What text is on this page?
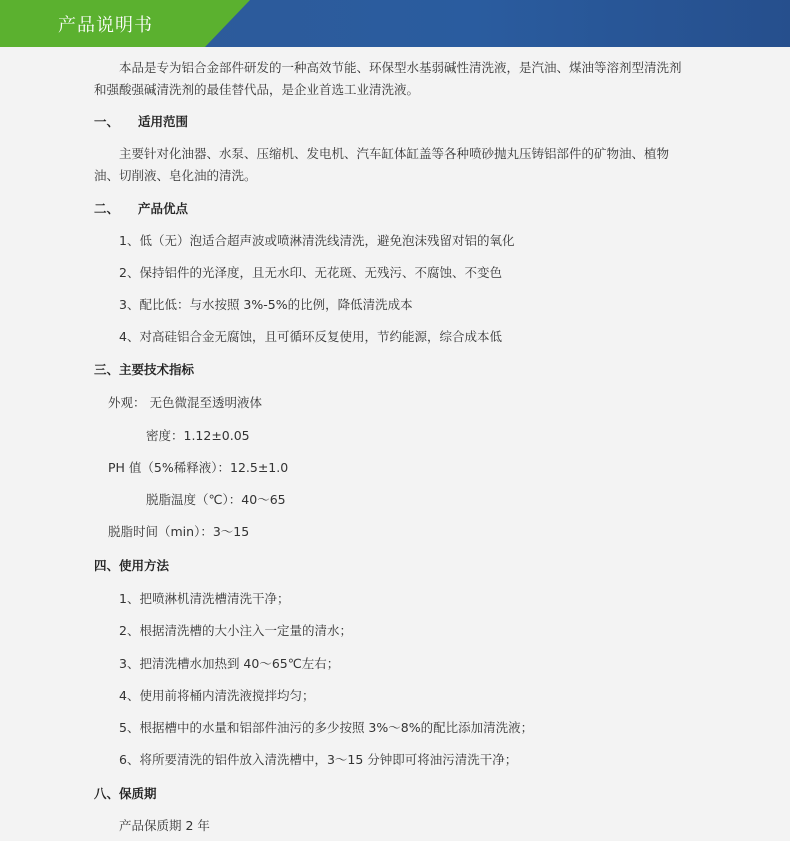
产品说明书
本品是专为铝合金部件研发的一种高效节能、环保型水基弱碱性清洗液，是汽油、煤油等溶剂型清洗剂和强酸强碱清洗剂的最佳替代品，是企业首选工业清洗液。
一、 适用范围
主要针对化油器、水泵、压缩机、发电机、汽车缸体缸盖等各种喷砂抛丸压铸铝部件的矿物油、植物油、切削液、皂化油的清洗。
二、 产品优点
1、低（无）泡适合超声波或喷淋清洗线清洗，避免泡沫残留对铝的氧化
2、保持铝件的光泽度，且无水印、无花斑、无残污、不腐蚀、不变色
3、配比低：与水按照 3%-5%的比例，降低清洗成本
4、对高硅铝合金无腐蚀，且可循环反复使用，节约能源，综合成本低
三、主要技术指标
外观： 无色微混至透明液体
密度：1.12±0.05
PH 值（5%稀释液）：12.5±1.0
脱脂温度（℃）：40～65
脱脂时间（min）：3～15
四、使用方法
1、把喷淋机清洗槽清洗干净；
2、根据清洗槽的大小注入一定量的清水；
3、把清洗槽水加热到 40～65℃左右；
4、使用前将桶内清洗液搅拌均匀；
5、根据槽中的水量和铝部件油污的多少按照 3%～8%的配比添加清洗液；
6、将所要清洗的铝件放入清洗槽中，3～15 分钟即可将油污清洗干净；
八、保质期
产品保质期 2 年
